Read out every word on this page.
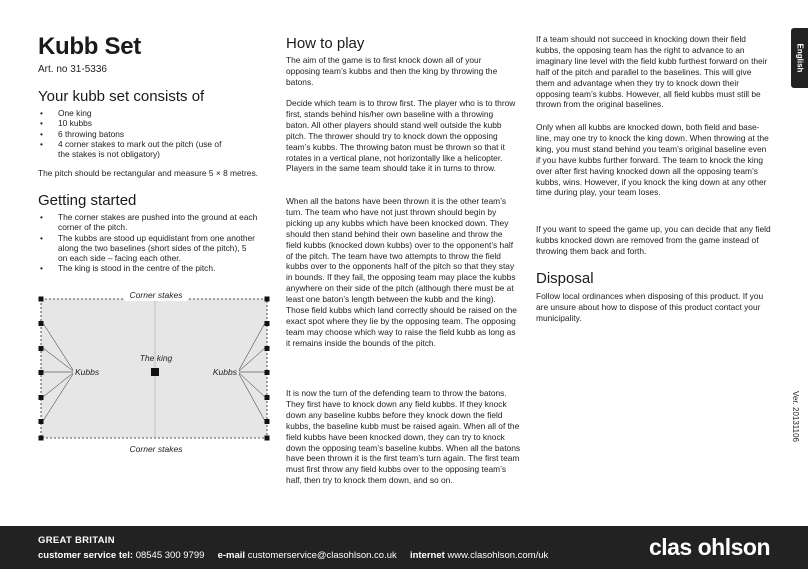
Kubb Set
Art. no 31-5336
Your kubb set consists of
• One king
• 10 kubbs
• 6 throwing batons
• 4 corner stakes to mark out the pitch (use of the stakes is not obligatory)

The pitch should be rectangular and measure 5 × 8 metres.

Getting started
• The corner stakes are pushed into the ground at each corner of the pitch.
• The kubbs are stood up equidistant from one another along the two baselines (short sides of the pitch), 5 on each side – facing each other.
• The king is stood in the centre of the pitch.
Corner stakes
Corner stakes
The king
Kubbs	Kubbs
How to play

The aim of the game is to first knock down all of your opposing team’s kubbs and then the king by throwing the batons.

Decide which team is to throw first. The player who is to throw first, stands behind his/her own baseline with a throwing baton. All other players should stand well outside the kubb pitch. The thrower should try to knock down the opposing team’s kubbs. The throwing baton must be thrown so that it rotates in a vertical plane, not horizontally like a helicopter. Players in the same team should take it in turns to throw.

When all the batons have been thrown it is the other team’s turn. The team who have not just thrown should begin by picking up any kubbs which have been knocked down. They should then stand behind their own baseline and throw the field kubbs (knocked down kubbs) over to the opponent’s half of the pitch. The team have two attempts to throw the field kubbs over to the opponents half of the pitch so that they stay in bounds. If they fail, the opposing team may place the kubbs anywhere on their side of the pitch (although there must be at least one baton’s length between the kubb and the king). Those field kubbs which land correctly should be raised on the exact spot where they lie by the opposing team. The opposing team may choose which way to raise the field kubb as long as it remains inside the bounds of the pitch.

It is now the turn of the defending team to throw the batons. They first have to knock down any field kubbs. If they knock down any baseline kubbs before they knock down the field kubbs, the baseline kubb must be raised again. When all of the field kubbs have been knocked down, they can try to knock down the opposing team’s baseline kubbs. When all the batons have been thrown it is the first team’s turn again. The first team must first throw any field kubbs over to the opposing team’s half, then try to knock them down, and so on.

If a team should not succeed in knocking down their field kubbs, the opposing team has the right to advance to an imaginary line level with the field kubb furthest forward on their half of the pitch and parallel to the baselines. This will give them and advantage when they try to knock down their opposing team’s kubbs. However, all field kubbs must still be thrown from the original baselines.

Only when all kubbs are knocked down, both field and base-line, may one try to knock the king down. When throwing at the king, you must stand behind you team’s original baseline even if you have kubbs further forward. The team to knock the king over after first having knocked down all the opposing team’s kubbs, wins. However, if you knock the king down at any other time during play, your team loses.

If you want to speed the game up, you can decide that any field kubbs knocked down are removed from the game instead of throwing them back and forth.

Disposal

Follow local ordinances when disposing of this product. If you are unsure about how to dispose of this product contact your municipality.

English
Ver. 20131106
GREAT BRITAIN
customer service tel: 08545 300 9799 e-mail customerservice@clasohlson.co.uk internet www.clasohlson.com/uk	clas ohlson
